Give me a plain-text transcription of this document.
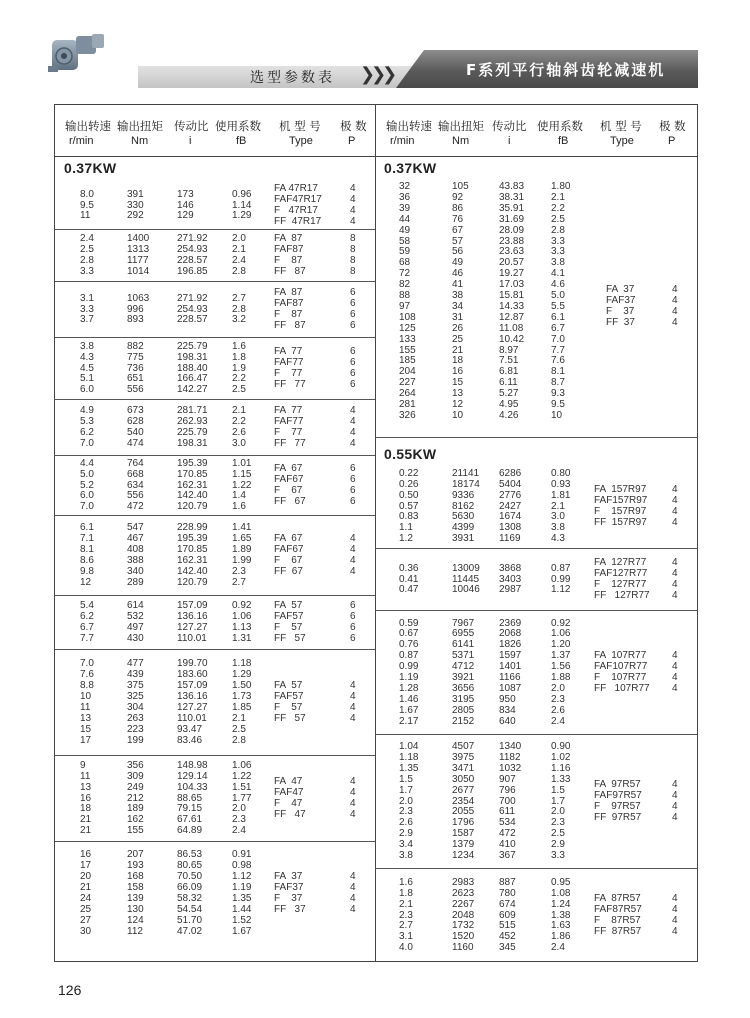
选型参数表 ❯❯❯	F系列平行轴斜齿轮减速机
输出转速 输出扭矩 传动比 使用系数 机 型 号 极 数
r/min	Nm	i	fB	Type	P
输出转速 输出扭矩 传动比 使用系数 机 型 号 极 数
r/min	Nm	i	fB	Type	P
0.37KW
8.0	391	173	0.96
9.5	330	146	1.14
11	292	129	1.29
FA 47R17	4
FAF47R17	4
F   47R17	4
FF  47R17	4
2.4	1400	271.92 2.0
2.5	1313	254.93 2.1
2.8	1177	228.57 2.4
3.3	1014	196.85 2.8
FA  87	8
FAF87	8
F    87	8
FF   87	8
3.1	1063	271.92 2.7
3.3	996	254.93 2.8
3.7	893	228.57 3.2
FA  87	6
FAF87	6
F    87	6
FF   87	6
3.8	882	225.79 1.6
4.3	775	198.31 1.8
4.5	736	188.40 1.9
5.1	651	166.47 2.2
6.0	556	142.27 2.5
FA  77	6
FAF77	6
F    77	6
FF   77	6
4.9	673	281.71 2.1
5.3	628	262.93 2.2
6.2	540	225.79 2.6
7.0	474	198.31 3.0
FA  77	4
FAF77	4
F    77	4
FF   77	4
4.4	764	195.39 1.01
5.0	668	170.85 1.15
5.2	634	162.31 1.22
6.0	556	142.40 1.4
7.0	472	120.79 1.6
FA  67	6
FAF67	6
F    67	6
FF   67	6
6.1	547	228.99 1.41
7.1	467	195.39 1.65
8.1	408	170.85 1.89
8.6	388	162.31 1.99
9.8	340	142.40 2.3
12	289	120.79 2.7
FA  67	4
FAF67	4
F    67	4
FF  67	4
5.4	614	157.09 0.92
6.2	532	136.16 1.06
6.7	497	127.27 1.13
7.7	430	110.01	1.31
FA  57	6
FAF57	6
F    57	6
FF   57	6
7.0	477	199.70 1.18
7.6	439	183.60 1.29
8.8	375	157.09 1.50
10	325	136.16 1.73
11	304	127.27 1.85
13	263	110.01	2.1
15	223	93.47	2.5
17	199	83.46	2.8
FA  57	4
FAF57	4
F    57	4
FF   57	4
9	356	148.98 1.06
11	309	129.14 1.22
13	249	104.33 1.51
16	212	88.65	1.77
18	189	79.15	2.0
21	162	67.61	2.3
21	155	64.89	2.4
FA  47	4
FAF47	4
F    47	4
FF   47	4
16	207	86.53	0.91
17	193	80.65	0.98
20	168	70.50	1.12
21	158	66.09	1.19
24	139	58.32	1.35
25	130	54.54	1.44
27	124	51.70	1.52
30	112	47.02	1.67
FA  37	4
FAF37	4
F    37	4
FF   37	4
0.37KW
32	105	43.83	1.80
36	92	38.31	2.1
39	86	35.91	2.2
44	76	31.69	2.5
49	67	28.09	2.8
58	57	23.88	3.3
59	56	23.63	3.3
68	49	20.57	3.8
72	46	19.27	4.1
82	41	17.03	4.6
88	38	15.81	5.0
97	34	14.33	5.5
108	31	12.87	6.1
125	26	11.08	6.7
133	25	10.42	7.0
155	21	8.97	7.7
185	18	7.51	7.6
204	16	6.81	8.1
227	15	6.11	8.7
264	13	5.27	9.3
281	12	4.95	9.5
326	10	4.26	10
FA  37	4
FAF37	4
F    37	4
FF  37	4
0.55KW
0.22	21141 6286	0.80
0.26	18174 5404	0.93
0.50	9336 2776	1.81
0.57	8162 2427	2.1
0.83	5630 1674	3.0
1.1	4399 1308	3.8
1.2	3931 1169	4.3
FA  157R97	4
FAF157R97 4
F    157R97	4
FF  157R97	4
0.36	13009 3868	0.87
0.41	11445 3403	0.99
0.47	10046 2987	1.12
FA  127R77	4
FAF127R77 4
F    127R77	4
FF   127R77 4
0.59	7967 2369	0.92
0.67	6955 2068	1.06
0.76	6141 1826	1.20
0.87	5371 1597	1.37
0.99	4712 1401	1.56
1.19	3921 1166	1.88
1.28	3656 1087	2.0
1.46	3195 950	2.3
1.67	2805 834	2.6
2.17	2152 640	2.4
FA  107R77	4
FAF107R77 4
F    107R77	4
FF   107R77 4
1.04	4507 1340	0.90
1.18	3975 1182	1.02
1.35	3471 1032	1.16
1.5	3050 907	1.33
1.7	2677 796	1.5
2.0	2354 700	1.7
2.3	2055 611	2.0
2.6	1796 534	2.3
2.9	1587 472	2.5
3.4	1379 410	2.9
3.8	1234 367	3.3
FA  97R57	4
FAF97R57	4
F    97R57	4
FF  97R57	4
1.6	2983 887	0.95
1.8	2623 780	1.08
2.1	2267 674	1.24
2.3	2048 609	1.38
2.7	1732 515	1.63
3.1	1520 452	1.86
4.0	1160	345	2.4
FA  87R57	4
FAF87R57	4
F    87R57	4
FF  87R57	4
126
